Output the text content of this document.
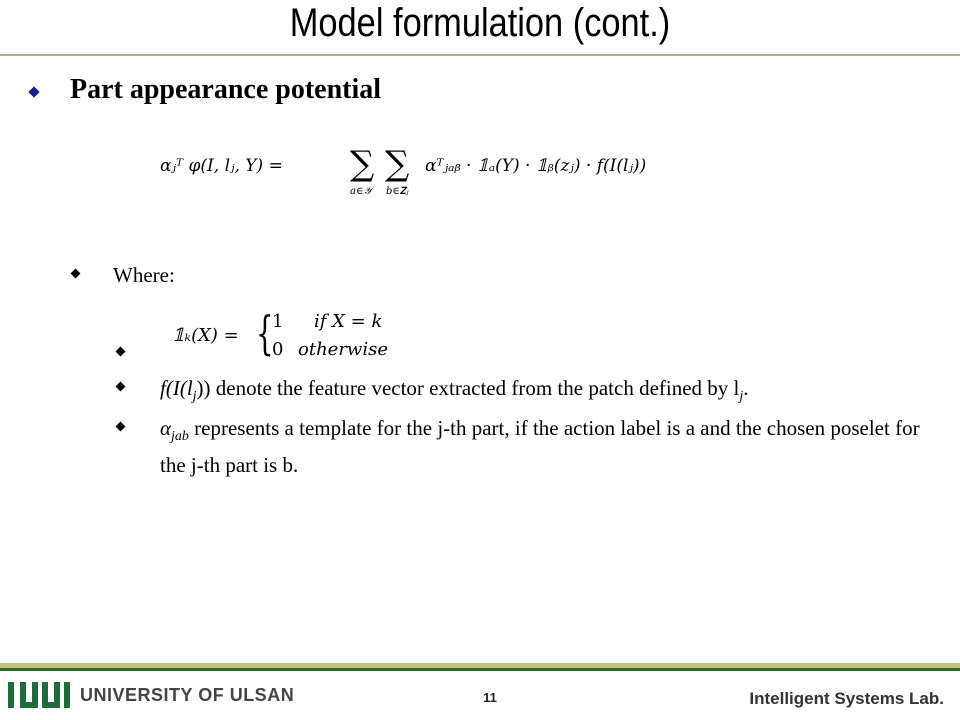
Model formulation (cont.)
Part appearance potential
αⱼᵀ φ(I, lⱼ, Y) = ∑
a∈𝒴
∑
b∈𝐙ⱼ
αᵀⱼₐᵦ · 𝟙ₐ(Y) · 𝟙ᵦ(zⱼ) · f(I(lⱼ))
Where:
𝟙ₖ(X) = {
1 if X = k
0 otherwise
$f(I(l_j))$ denote the feature vector extracted from the patch defined by $l_j$.
$\alpha_{jab}$ represents a template for the j-th part, if the action label is a and the chosen poselet for the j-th part is b.
UNIVERSITY OF ULSAN	11	Intelligent Systems Lab.
